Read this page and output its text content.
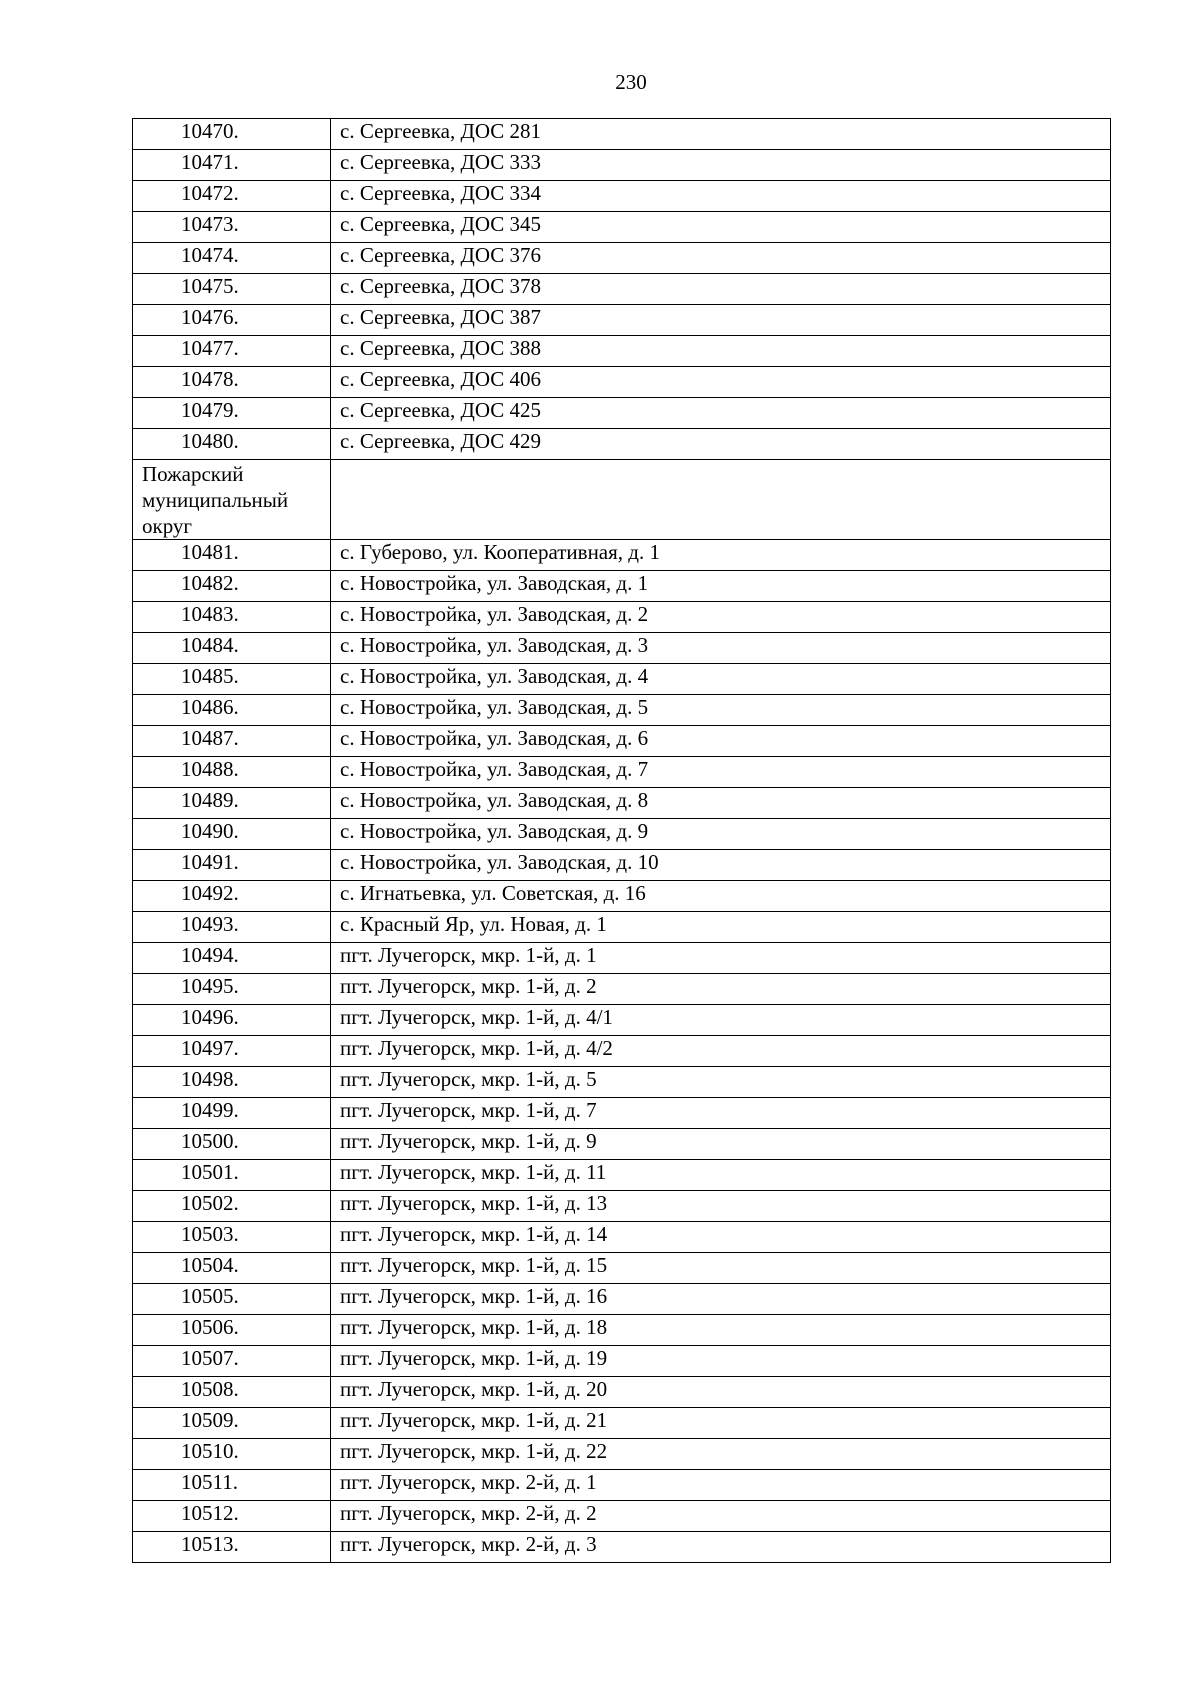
230
10470.	с. Сергеевка, ДОС 281
10471.	с. Сергеевка, ДОС 333
10472.	с. Сергеевка, ДОС 334
10473.	с. Сергеевка, ДОС 345
10474.	с. Сергеевка, ДОС 376
10475.	с. Сергеевка, ДОС 378
10476.	с. Сергеевка, ДОС 387
10477.	с. Сергеевка, ДОС 388
10478.	с. Сергеевка, ДОС 406
10479.	с. Сергеевка, ДОС 425
10480.	с. Сергеевка, ДОС 429
Пожарский муниципальный округ	
10481.	с. Губерово, ул. Кооперативная, д. 1
10482.	с. Новостройка, ул. Заводская, д. 1
10483.	с. Новостройка, ул. Заводская, д. 2
10484.	с. Новостройка, ул. Заводская, д. 3
10485.	с. Новостройка, ул. Заводская, д. 4
10486.	с. Новостройка, ул. Заводская, д. 5
10487.	с. Новостройка, ул. Заводская, д. 6
10488.	с. Новостройка, ул. Заводская, д. 7
10489.	с. Новостройка, ул. Заводская, д. 8
10490.	с. Новостройка, ул. Заводская, д. 9
10491.	с. Новостройка, ул. Заводская, д. 10
10492.	с. Игнатьевка, ул. Советская, д. 16
10493.	с. Красный Яр, ул. Новая, д. 1
10494.	пгт. Лучегорск, мкр. 1-й, д. 1
10495.	пгт. Лучегорск, мкр. 1-й, д. 2
10496.	пгт. Лучегорск, мкр. 1-й, д. 4/1
10497.	пгт. Лучегорск, мкр. 1-й, д. 4/2
10498.	пгт. Лучегорск, мкр. 1-й, д. 5
10499.	пгт. Лучегорск, мкр. 1-й, д. 7
10500.	пгт. Лучегорск, мкр. 1-й, д. 9
10501.	пгт. Лучегорск, мкр. 1-й, д. 11
10502.	пгт. Лучегорск, мкр. 1-й, д. 13
10503.	пгт. Лучегорск, мкр. 1-й, д. 14
10504.	пгт. Лучегорск, мкр. 1-й, д. 15
10505.	пгт. Лучегорск, мкр. 1-й, д. 16
10506.	пгт. Лучегорск, мкр. 1-й, д. 18
10507.	пгт. Лучегорск, мкр. 1-й, д. 19
10508.	пгт. Лучегорск, мкр. 1-й, д. 20
10509.	пгт. Лучегорск, мкр. 1-й, д. 21
10510.	пгт. Лучегорск, мкр. 1-й, д. 22
10511.	пгт. Лучегорск, мкр. 2-й, д. 1
10512.	пгт. Лучегорск, мкр. 2-й, д. 2
10513.	пгт. Лучегорск, мкр. 2-й, д. 3
